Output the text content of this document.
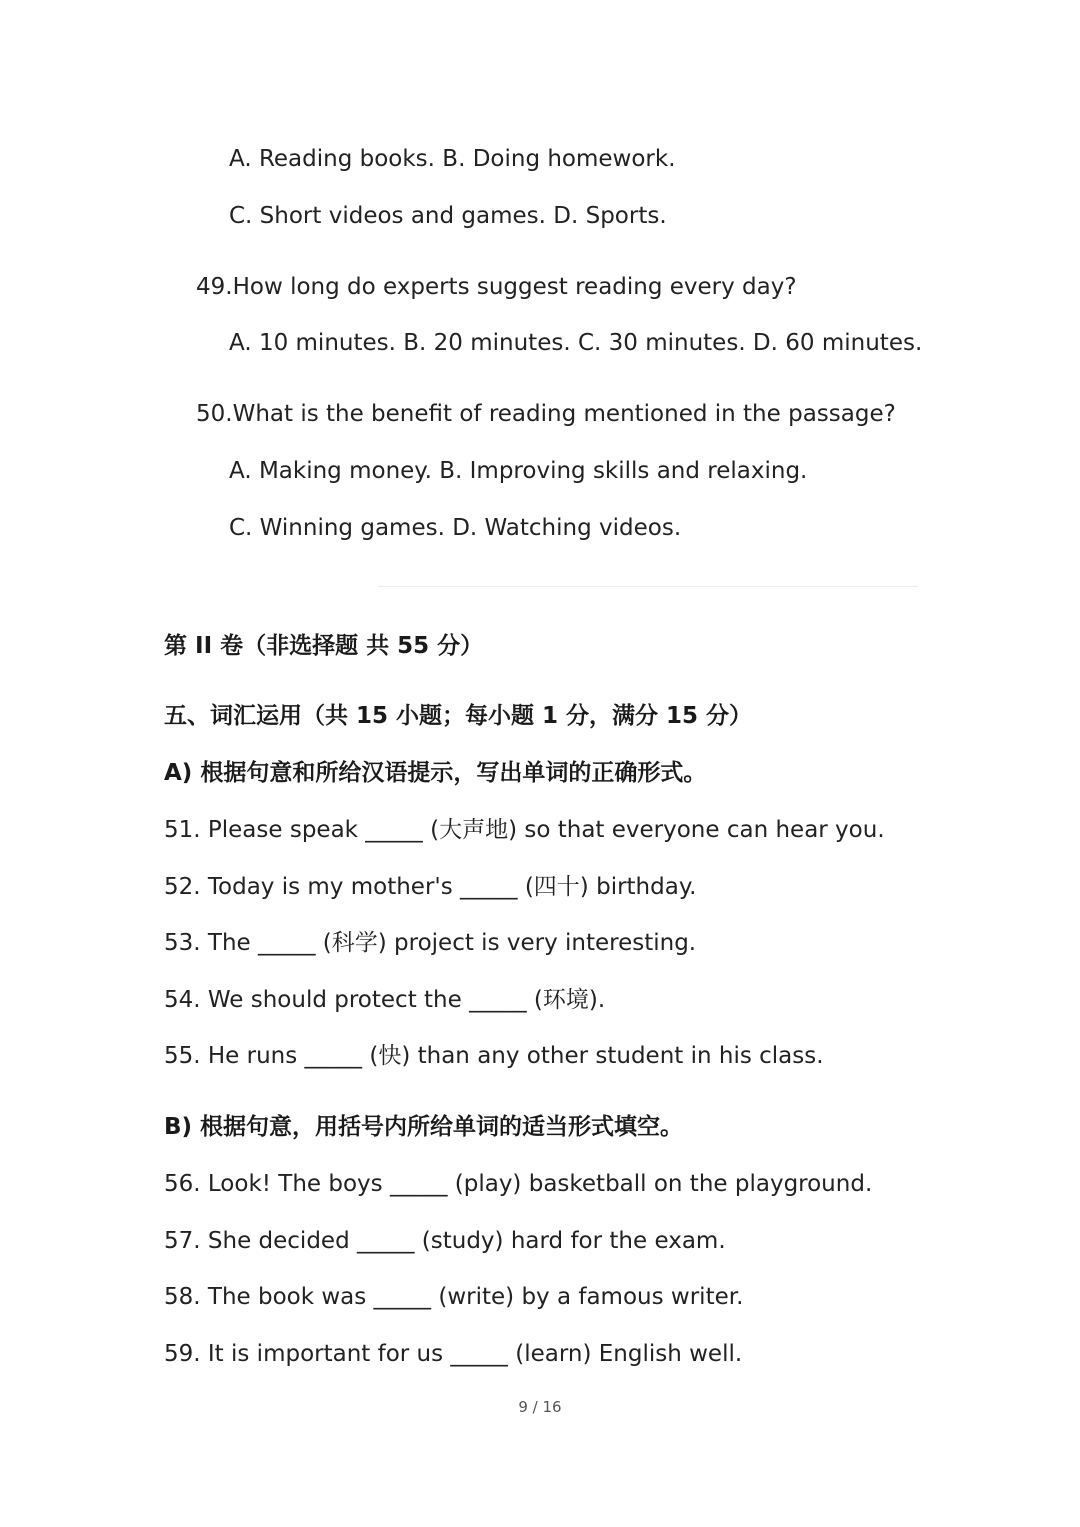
A. Reading books. B. Doing homework.
C. Short videos and games. D. Sports.
49.How long do experts suggest reading every day?
A. 10 minutes. B. 20 minutes. C. 30 minutes. D. 60 minutes.
50.What is the benefit of reading mentioned in the passage?
A. Making money. B. Improving skills and relaxing.
C. Winning games. D. Watching videos.
第 II 卷（非选择题 共 55 分）
五、词汇运用（共 15 小题；每小题 1 分，满分 15 分）
A) 根据句意和所给汉语提示，写出单词的正确形式。
51. Please speak _____ (大声地) so that everyone can hear you.
52. Today is my mother's _____ (四十) birthday.
53. The _____ (科学) project is very interesting.
54. We should protect the _____ (环境).
55. He runs _____ (快) than any other student in his class.
B) 根据句意，用括号内所给单词的适当形式填空。
56. Look! The boys _____ (play) basketball on the playground.
57. She decided _____ (study) hard for the exam.
58. The book was _____ (write) by a famous writer.
59. It is important for us _____ (learn) English well.
9 / 16
